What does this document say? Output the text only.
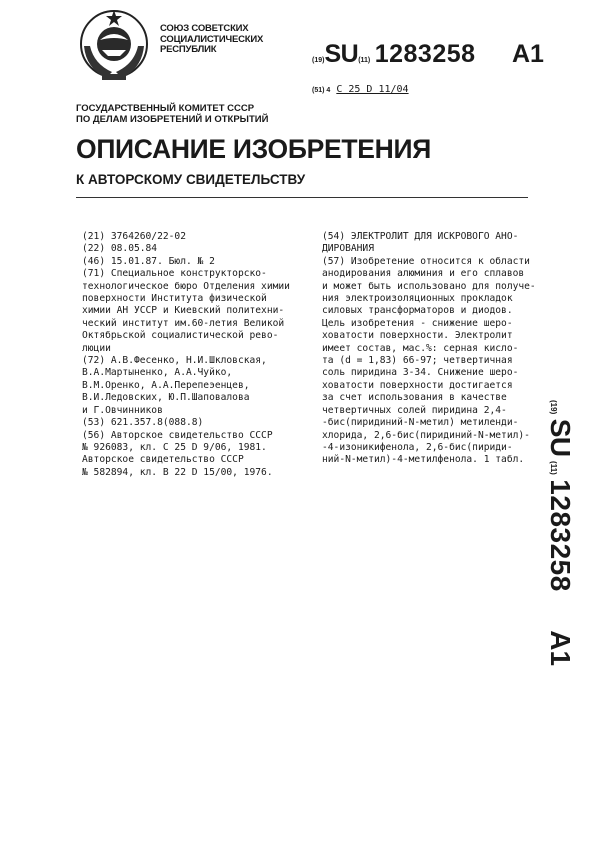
СОЮЗ СОВЕТСКИХ
СОЦИАЛИСТИЧЕСКИХ
РЕСПУБЛИК
(19)SU(11) 1283258 A1
(51) 4 C 25 D 11/04
ГОСУДАРСТВЕННЫЙ КОМИТЕТ СССР
ПО ДЕЛАМ ИЗОБРЕТЕНИЙ И ОТКРЫТИЙ
ОПИСАНИЕ ИЗОБРЕТЕНИЯ
К АВТОРСКОМУ СВИДЕТЕЛЬСТВУ
(21) 3764260/22-02
(22) 08.05.84
(46) 15.01.87. Бюл. № 2
(71) Специальное конструкторско-
технологическое бюро Отделения химии
поверхности Института физической
химии АН УССР и Киевский политехни-
ческий институт им.60-летия Великой
Октябрьской социалистической рево-
люции
(72) А.В.Фесенко, Н.И.Шкловская,
В.А.Мартыненко, А.А.Чуйко,
В.М.Оренко, А.А.Перепеэенцев,
В.И.Ледовских, Ю.П.Шаповалова
и Г.Овчинников
(53) 621.357.8(088.8)
(56) Авторское свидетельство СССР
№ 926083, кл. С 25 D 9/06, 1981.
Авторское свидетельство СССР
№ 582894, кл. В 22 D 15/00, 1976.
(54) ЭЛЕКТРОЛИТ ДЛЯ ИСКРОВОГО АНО-
ДИРОВАНИЯ
(57) Изобретение относится к области
анодирования алюминия и его сплавов
и может быть использовано для получе-
ния электроизоляционных прокладок
силовых трансформаторов и диодов.
Цель изобретения - снижение шеро-
ховатости поверхности. Электролит
имеет состав, мас.%: серная кисло-
та (d = 1,83) 66-97; четвертичная
соль пиридина 3-34. Снижение шеро-
ховатости поверхности достигается
за счет использования в качестве
четвертичных солей пиридина 2,4-
-бис(пиридиний-N-метил) метиленди-
хлорида, 2,6-бис(пиридиний-N-метил)-
-4-изоникифенола, 2,6-бис(пириди-
ний-N-метил)-4-метилфенола. 1 табл.
(19) SU (11) 1283258 A1
